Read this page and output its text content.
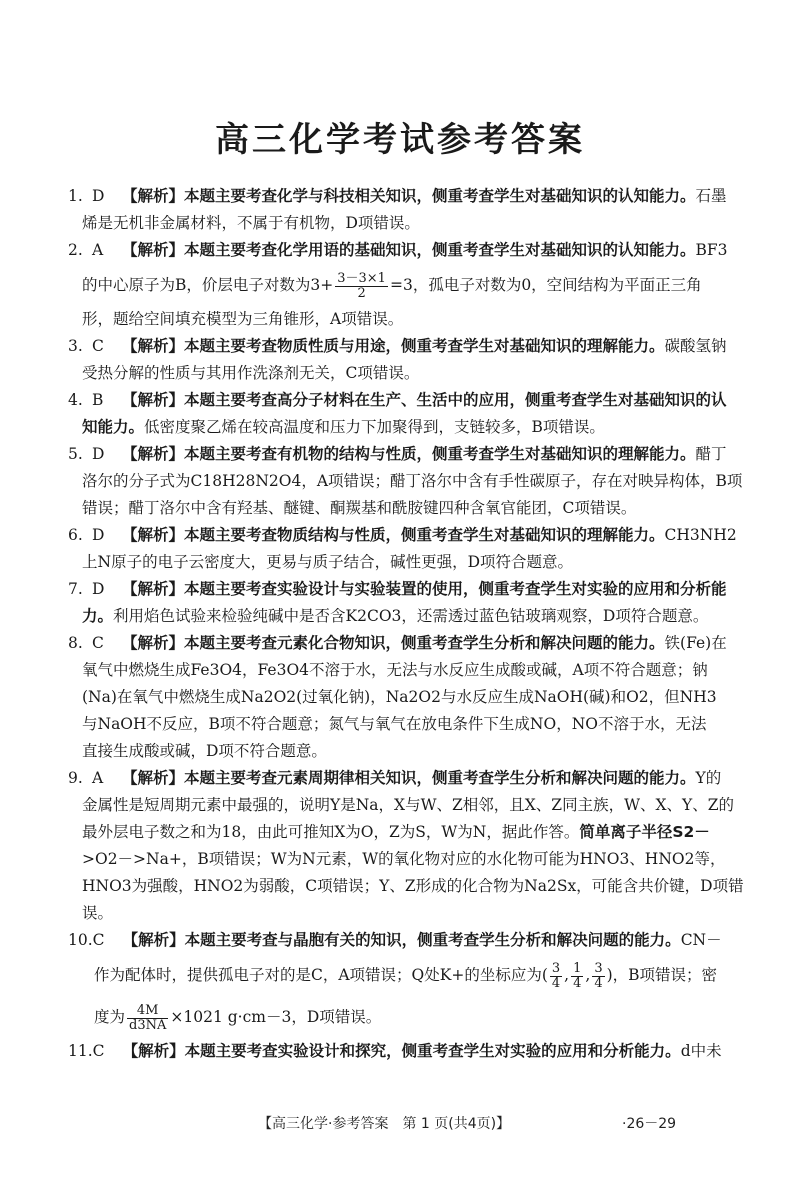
高三化学考试参考答案
1. D 【解析】本题主要考查化学与科技相关知识，侧重考查学生对基础知识的认知能力。石墨
烯是无机非金属材料，不属于有机物，D项错误。
2. A 【解析】本题主要考查化学用语的基础知识，侧重考查学生对基础知识的认知能力。BF3
的中心原子为B，价层电子对数为$3+ \frac{3-3\times 1}{2} =3$，孤电子对数为0，空间结构为平面正三角
形，题给空间填充模型为三角锥形，A项错误。
3. C 【解析】本题主要考查物质性质与用途，侧重考查学生对基础知识的理解能力。碳酸氢钠
受热分解的性质与其用作洗涤剂无关，C项错误。
4. B 【解析】本题主要考查高分子材料在生产、生活中的应用，侧重考查学生对基础知识的认
知能力。低密度聚乙烯在较高温度和压力下加聚得到，支链较多，B项错误。
5. D 【解析】本题主要考查有机物的结构与性质，侧重考查学生对基础知识的理解能力。醋丁
洛尔的分子式为C18H28N2O4，A项错误；醋丁洛尔中含有手性碳原子，存在对映异构体，B项
错误；醋丁洛尔中含有羟基、醚键、酮羰基和酰胺键四种含氧官能团，C项错误。
6. D 【解析】本题主要考查物质结构与性质，侧重考查学生对基础知识的理解能力。CH3NH2
上N原子的电子云密度大，更易与质子结合，碱性更强，D项符合题意。
7. D 【解析】本题主要考查实验设计与实验装置的使用，侧重考查学生对实验的应用和分析能
力。利用焰色试验来检验纯碱中是否含K2CO3，还需透过蓝色钴玻璃观察，D项符合题意。
8. C 【解析】本题主要考查元素化合物知识，侧重考查学生分析和解决问题的能力。铁(Fe)在
氧气中燃烧生成Fe3O4，Fe3O4不溶于水，无法与水反应生成酸或碱，A项不符合题意；钠
(Na)在氧气中燃烧生成Na2O2(过氧化钠)，Na2O2与水反应生成NaOH(碱)和O2，但NH3
与NaOH不反应，B项不符合题意；氮气与氧气在放电条件下生成NO，NO不溶于水，无法
直接生成酸或碱，D项不符合题意。
9. A 【解析】本题主要考查元素周期律相关知识，侧重考查学生分析和解决问题的能力。Y的
金属性是短周期元素中最强的，说明Y是Na，X与W、Z相邻，且X、Z同主族，W、X、Y、Z的
最外层电子数之和为18，由此可推知X为O，Z为S，W为N，据此作答。简单离子半径S2－
>O2－>Na+，B项错误；W为N元素，W的氧化物对应的水化物可能为HNO3、HNO2等，
HNO3为强酸，HNO2为弱酸，C项错误；Y、Z形成的化合物为Na2Sx，可能含共价键，D项错
误。
10.C 【解析】本题主要考查与晶胞有关的知识，侧重考查学生分析和解决问题的能力。CN－
作为配体时，提供孤电子对的是C，A项错误；Q处K+的坐标应为( $\frac{3}{4}$ , $\frac{1}{4}$ , $\frac{3}{4}$ )，B项错误；密
度为 $\frac{4M}{d3NA} \times 1021$ g·cm－3，D项错误。
11.C 【解析】本题主要考查实验设计和探究，侧重考查学生对实验的应用和分析能力。d中未
【高三化学·参考答案　第 1 页(共4页)】	·26－29
